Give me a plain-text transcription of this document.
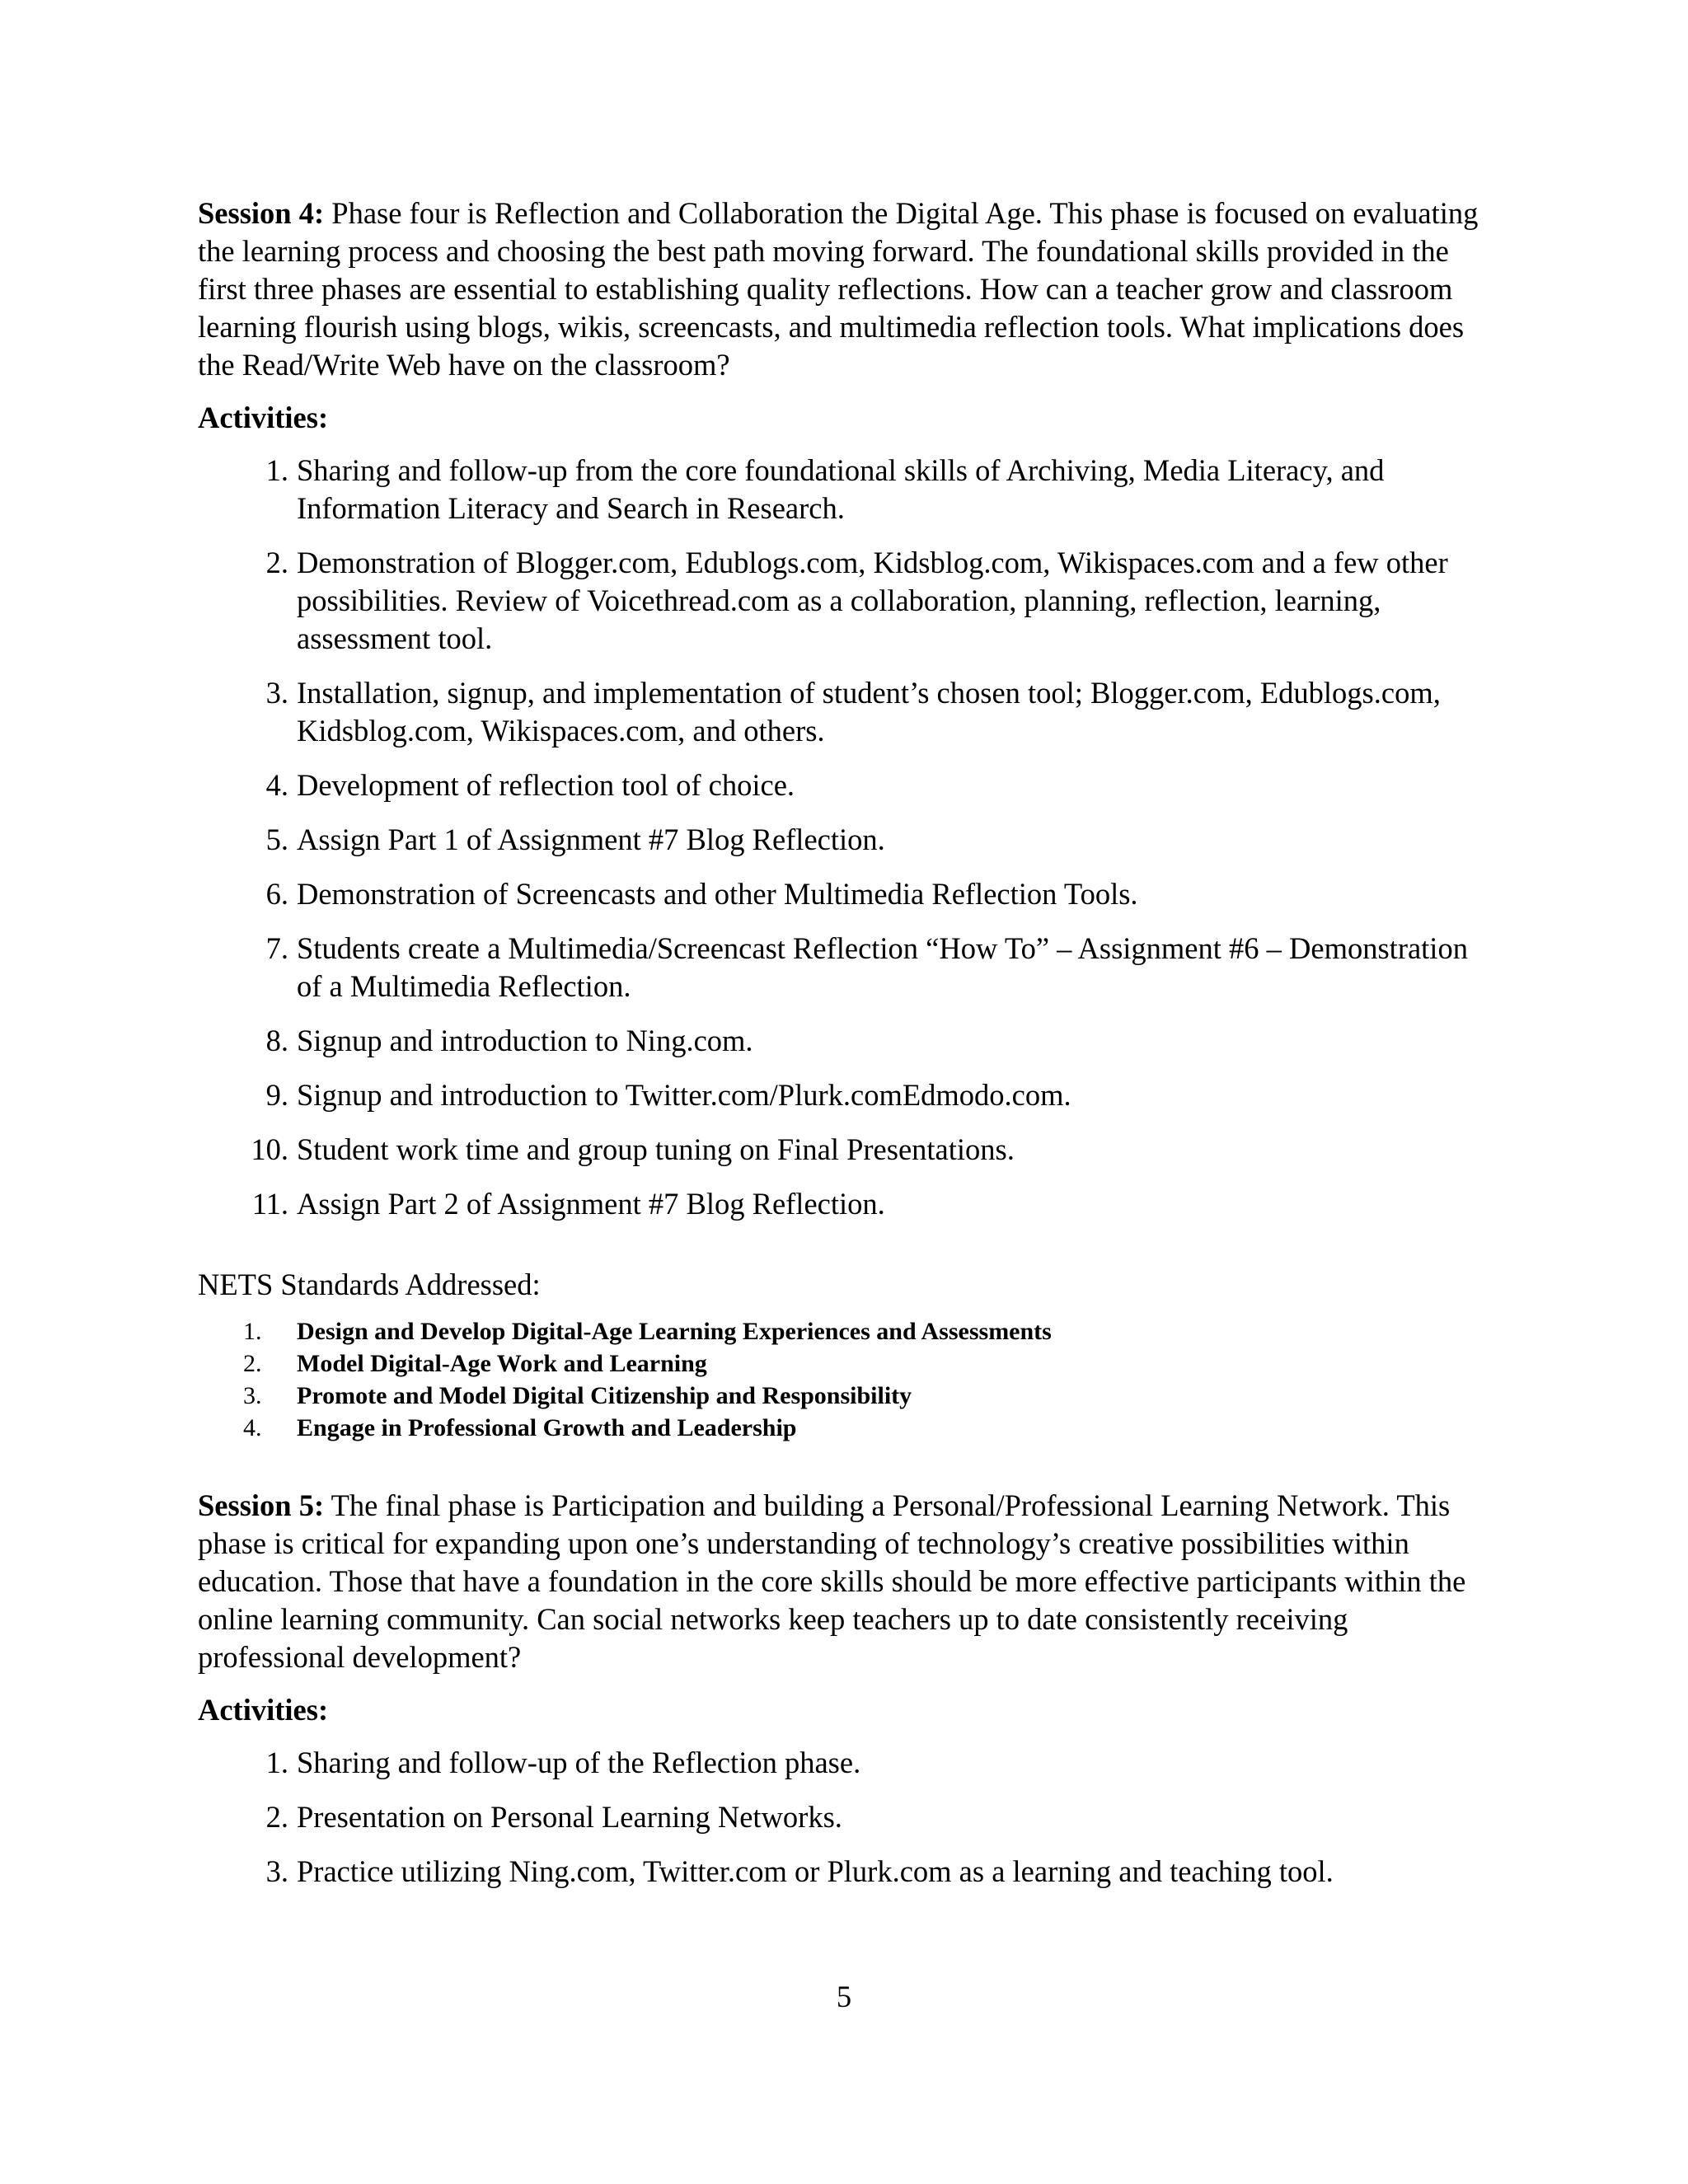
Session 4: Phase four is Reflection and Collaboration the Digital Age. This phase is focused on evaluating the learning process and choosing the best path moving forward. The foundational skills provided in the first three phases are essential to establishing quality reflections. How can a teacher grow and classroom learning flourish using blogs, wikis, screencasts, and multimedia reflection tools. What implications does the Read/Write Web have on the classroom?

Activities:
1. Sharing and follow-up from the core foundational skills of Archiving, Media Literacy, and Information Literacy and Search in Research.
2. Demonstration of Blogger.com, Edublogs.com, Kidsblog.com, Wikispaces.com and a few other possibilities. Review of Voicethread.com as a collaboration, planning, reflection, learning, assessment tool.
3. Installation, signup, and implementation of student’s chosen tool; Blogger.com, Edublogs.com, Kidsblog.com, Wikispaces.com, and others.
4. Development of reflection tool of choice.
5. Assign Part 1 of Assignment #7 Blog Reflection.
6. Demonstration of Screencasts and other Multimedia Reflection Tools.
7. Students create a Multimedia/Screencast Reflection “How To” – Assignment #6 – Demonstration of a Multimedia Reflection.
8. Signup and introduction to Ning.com.
9. Signup and introduction to Twitter.com/Plurk.comEdmodo.com.
10. Student work time and group tuning on Final Presentations.
11. Assign Part 2 of Assignment #7 Blog Reflection.
NETS Standards Addressed:
1. Design and Develop Digital-Age Learning Experiences and Assessments
2. Model Digital-Age Work and Learning
3. Promote and Model Digital Citizenship and Responsibility
4. Engage in Professional Growth and Leadership

Session 5: The final phase is Participation and building a Personal/Professional Learning Network. This phase is critical for expanding upon one’s understanding of technology’s creative possibilities within education. Those that have a foundation in the core skills should be more effective participants within the online learning community. Can social networks keep teachers up to date consistently receiving professional development?

Activities:
1. Sharing and follow-up of the Reflection phase.
2. Presentation on Personal Learning Networks.
3. Practice utilizing Ning.com, Twitter.com or Plurk.com as a learning and teaching tool.
5
